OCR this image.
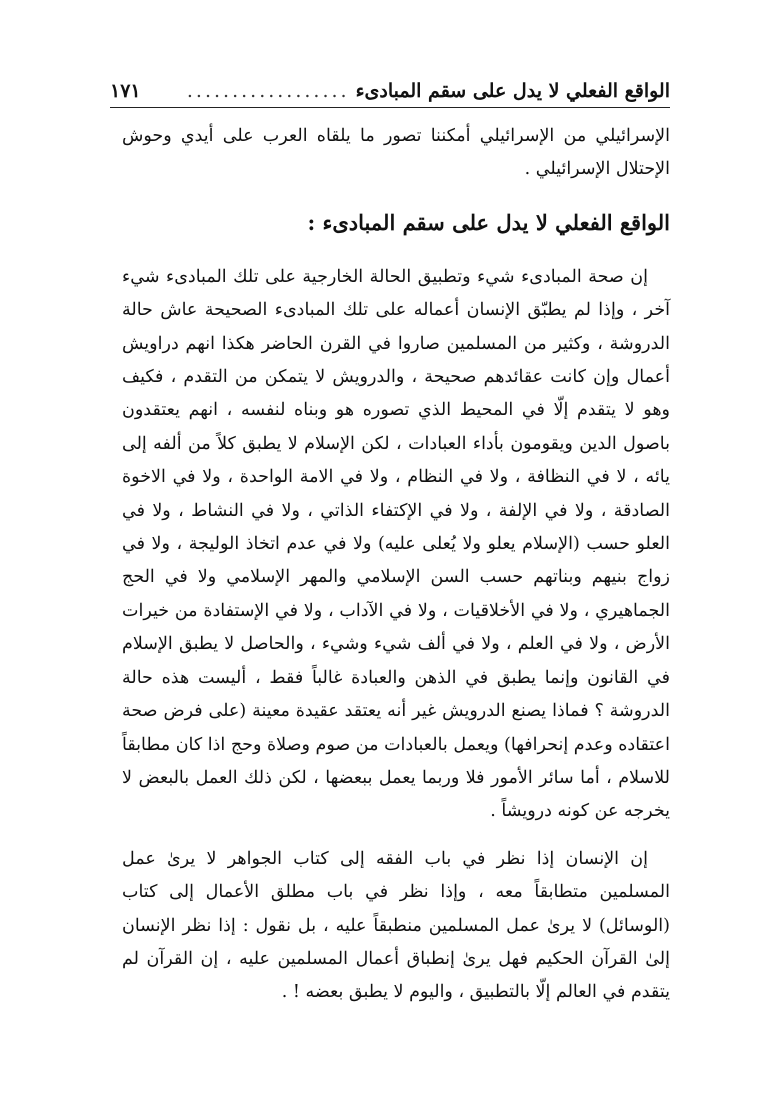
الواقع الفعلي لا يدل على سقم المبادىء
..................
١٧١

الإسرائيلي من الإسرائيلي أمكننا تصور ما يلقاه العرب على أيدي وحوش الإحتلال الإسرائيلي .

الواقع الفعلي لا يدل على سقم المبادىء :

إن صحة المبادىء شيء وتطبيق الحالة الخارجية على تلك المبادىء شيء آخر ، وإذا لم يطبّق الإنسان أعماله على تلك المبادىء الصحيحة عاش حالة الدروشة ، وكثير من المسلمين صاروا في القرن الحاضر هكذا انهم دراويش أعمال وإن كانت عقائدهم صحيحة ، والدرويش لا يتمكن من التقدم ، فكيف وهو لا يتقدم إلّا في المحيط الذي تصوره هو وبناه لنفسه ، انهم يعتقدون باصول الدين ويقومون بأداء العبادات ، لكن الإسلام لا يطبق كلاً من ألفه إلى يائه ، لا في النظافة ، ولا في النظام ، ولا في الامة الواحدة ، ولا في الاخوة الصادقة ، ولا في الإلفة ، ولا في الإكتفاء الذاتي ، ولا في النشاط ، ولا في العلو حسب (الإسلام يعلو ولا يُعلى عليه) ولا في عدم اتخاذ الوليجة ، ولا في زواج بنيهم وبناتهم حسب السن الإسلامي والمهر الإسلامي ولا في الحج الجماهيري ، ولا في الأخلاقيات ، ولا في الآداب ، ولا في الإستفادة من خيرات الأرض ، ولا في العلم ، ولا في ألف شيء وشيء ، والحاصل لا يطبق الإسلام في القانون وإنما يطبق في الذهن والعبادة غالباً فقط ، أليست هذه حالة الدروشة ؟ فماذا يصنع الدرويش غير أنه يعتقد عقيدة معينة (على فرض صحة اعتقاده وعدم إنحرافها) ويعمل بالعبادات من صوم وصلاة وحج اذا كان مطابقاً للاسلام ، أما سائر الأمور فلا وربما يعمل ببعضها ، لكن ذلك العمل بالبعض لا يخرجه عن كونه درويشاً .

إن الإنسان إذا نظر في باب الفقه إلى كتاب الجواهر لا يرىٰ عمل المسلمين متطابقاً معه ، وإذا نظر في باب مطلق الأعمال إلى كتاب (الوسائل) لا يرىٰ عمل المسلمين منطبقاً عليه ، بل نقول : إذا نظر الإنسان إلىٰ القرآن الحكيم فهل يرىٰ إنطباق أعمال المسلمين عليه ، إن القرآن لم يتقدم في العالم إلّا بالتطبيق ، واليوم لا يطبق بعضه ! .
